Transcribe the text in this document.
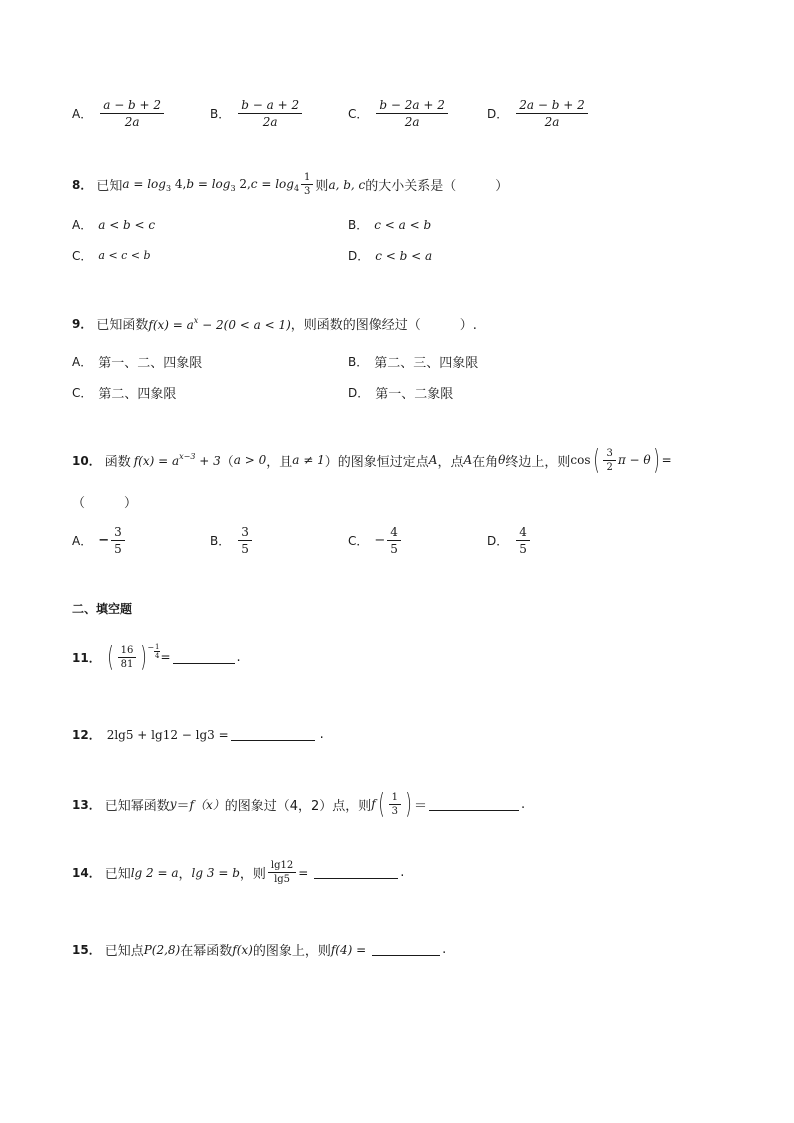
A． $\frac{a - b + 2}{2a}$	B． $\frac{b - a + 2}{2a}$	C． $\frac{b - 2a + 2}{2a}$	D． $\frac{2a - b + 2}{2a}$
8． 已知 $a = \log_3 4$, $b = \log_3 2$, $c = \log_4 \frac{1}{3}$ 则 a, b, c 的大小关系是（　　　）
A． a < b < c	B． c < a < b
C． a < c < b	D． c < b < a
9． 已知函数 $f(x) = a^x - 2(0 < a < 1)$ ，则函数的图像经过（　　　）.
A． 第一、二、四象限	B． 第二、三、四象限
C． 第二、四象限	D． 第一、二象限
10． 函数 $f(x) = a^{x-3} + 3$ （ a > 0 ，且 a ≠ 1 ）的图象恒过定点 A ，点 A 在角 θ 终边上，则 cos ( $\frac{3}{2}$ π − θ ) =
（　　　）
A． − $\frac{3}{5}$	B． $\frac{3}{5}$	C． − $\frac{4}{5}$	D． $\frac{4}{5}$
二、填空题
11． ( $\frac{16}{81}$ ) − $\frac{1}{4}$ =	.
12． 2lg5 + lg12 − lg3 =	.
13． 已知幂函数 y ＝ f（x） 的图象过（4，2）点，则 f ( $\frac{1}{3}$ ) ＝	.
14． 已知 lg 2 = a ， lg 3 = b ，则 $\frac{\lg 12}{\lg 5}$ =	.
15． 已知点 P(2,8) 在幂函数 f(x) 的图象上，则 f(4) =	.
